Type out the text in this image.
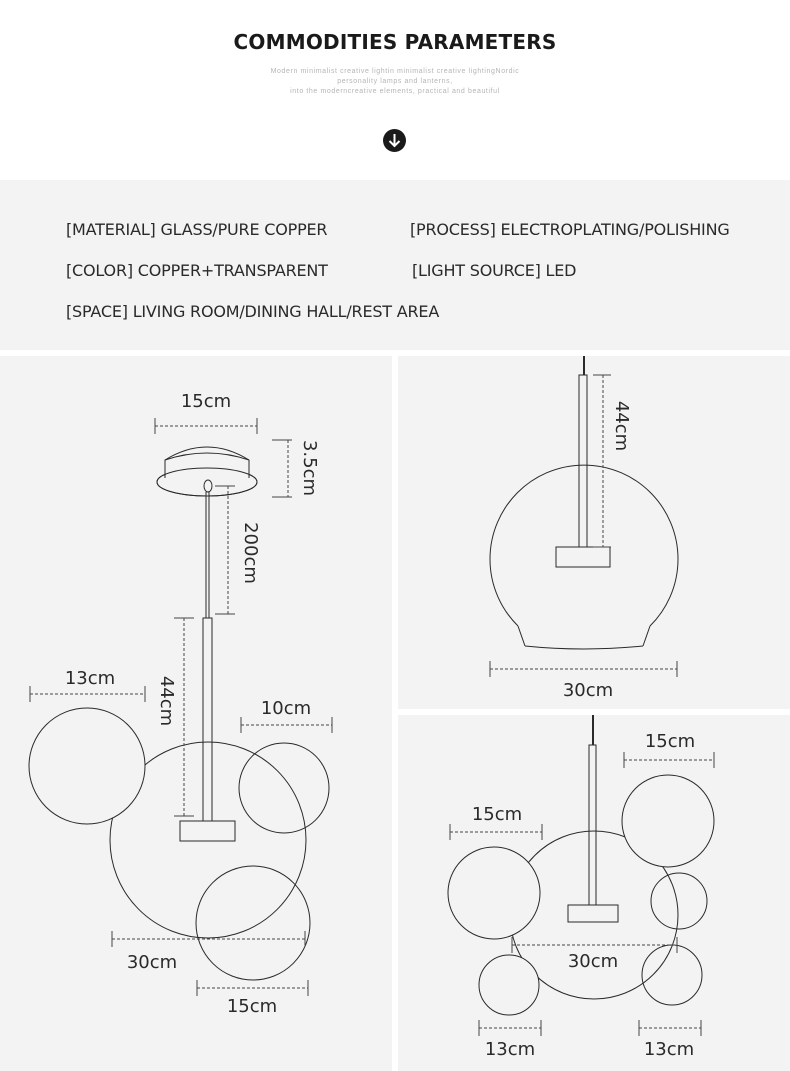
COMMODITIES PARAMETERS
Modern minimalist creative lightin minimalist creative lightingNordic
personality lamps and lanterns,
into the moderncreative elements, practical and beautiful
[MATERIAL] GLASS/PURE COPPER	[PROCESS] ELECTROPLATING/POLISHING
[COLOR] COPPER+TRANSPARENT	[LIGHT SOURCE] LED
[SPACE] LIVING ROOM/DINING HALL/REST AREA
15cm
3.5cm
200cm
44cm
13cm
10cm
30cm
15cm
44cm
30cm
15cm
15cm
30cm
13cm	13cm
